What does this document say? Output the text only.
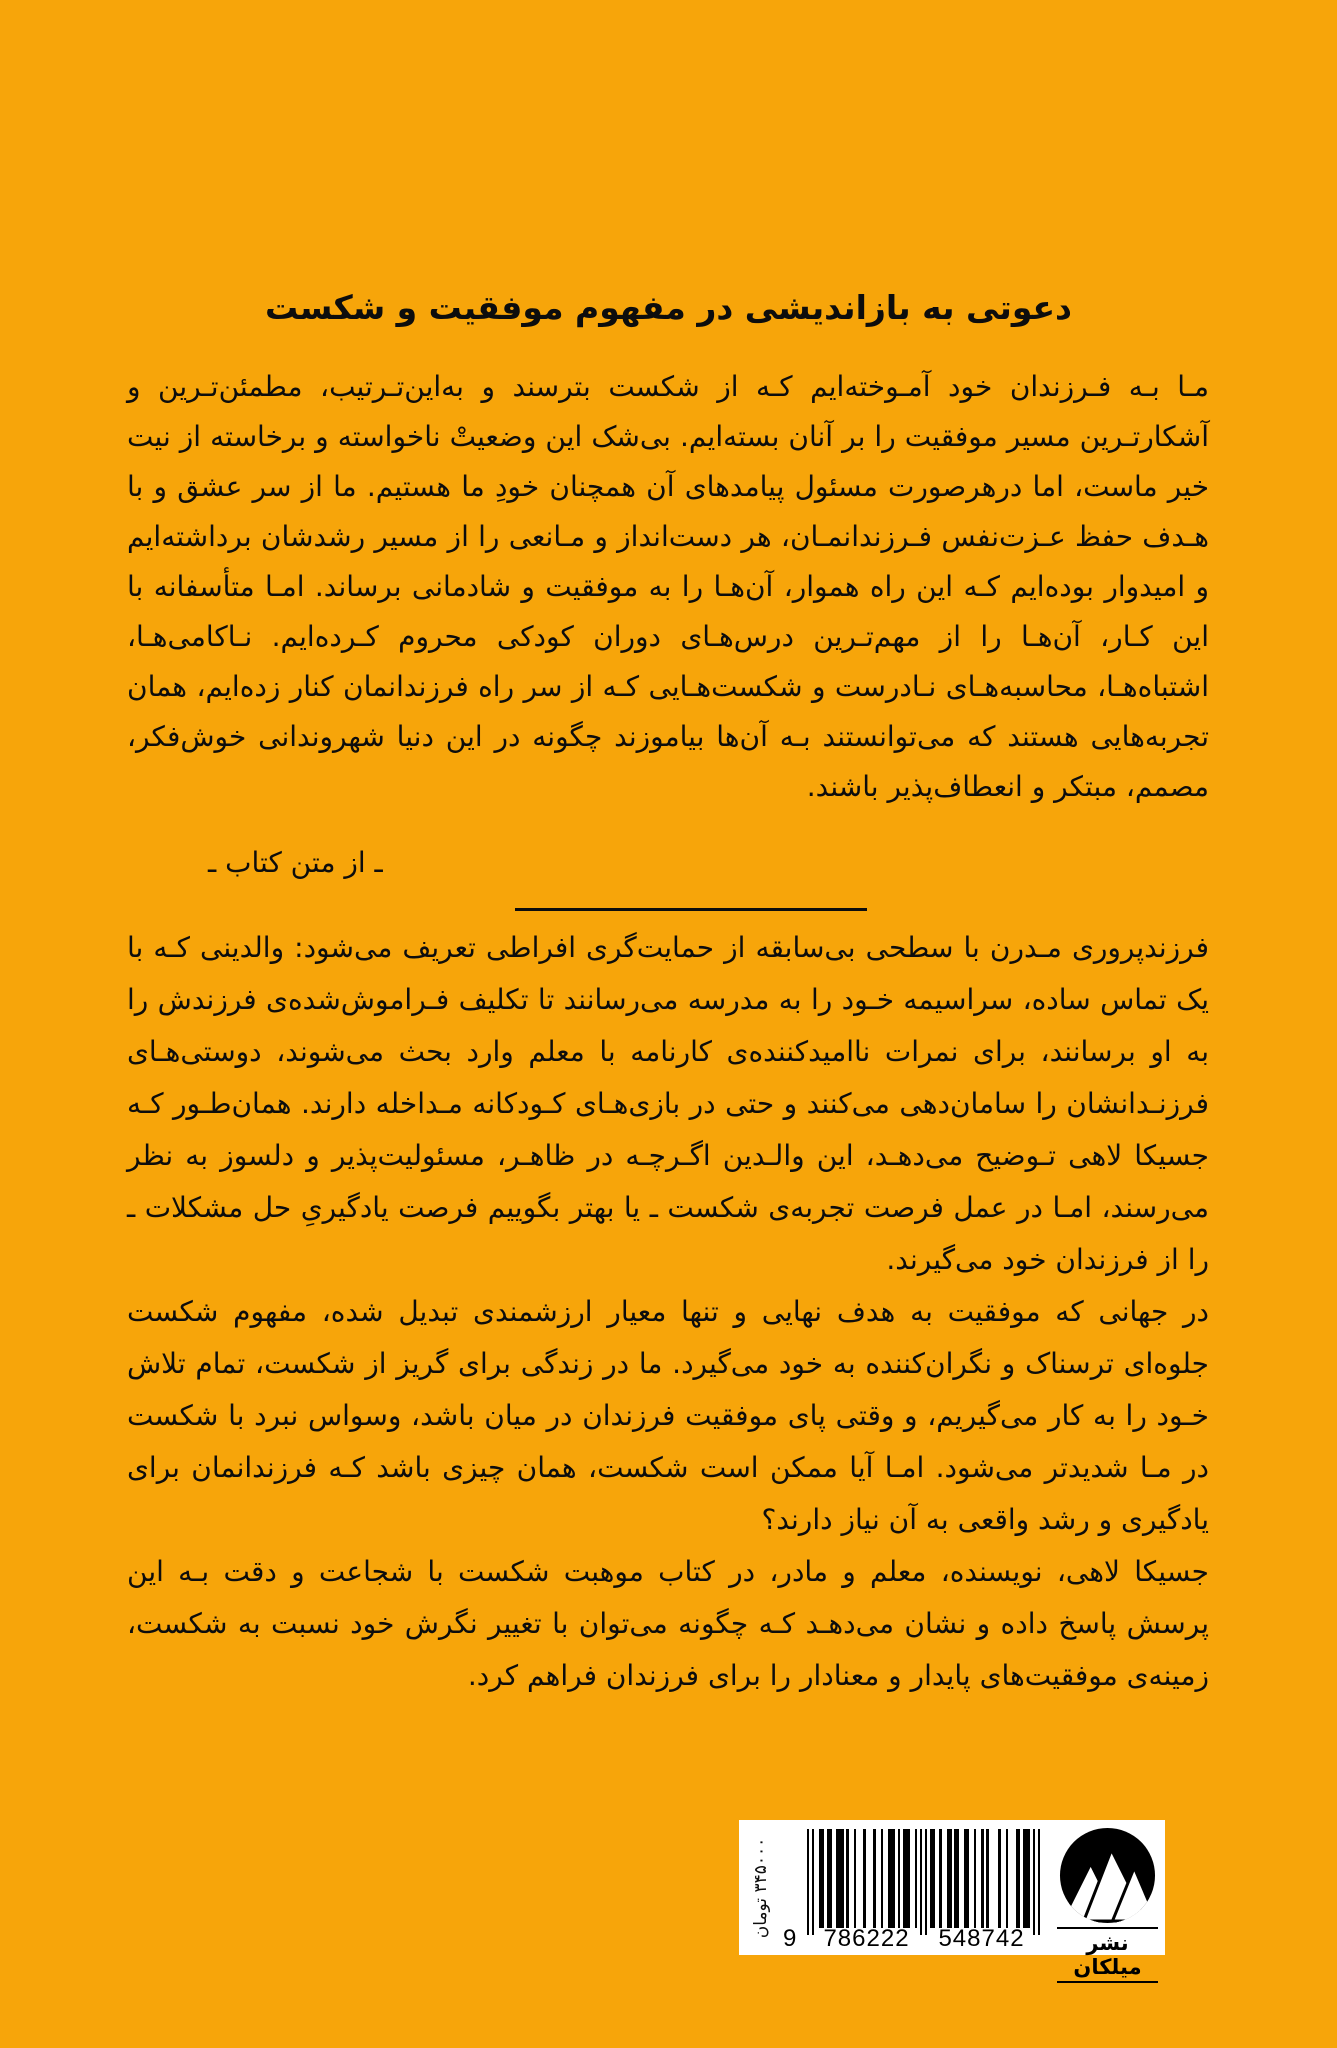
دعوتی به بازاندیشی در مفهوم موفقیت و شکست

مـا بـه فـرزندان خود آمـوخته‌ایم کـه از شکست بترسند و به‌این‌تـرتیب، مطمئن‌تـرین و آشکارتـرین مسیر موفقیت را بر آنان بسته‌ایم. بی‌شک این وضعیتْ ناخواسته و برخاسته از نیت خیر ماست، اما درهرصورت مسئول پیامدهای آن همچنان خودِ ما هستیم. ما از سر عشق و با هـدف حفظ عـزت‌نفس فـرزندانمـان، هر دست‌انداز و مـانعی را از مسیر رشدشان برداشته‌ایم و امیدوار بوده‌ایم کـه این راه هموار، آن‌هـا را به موفقیت و شادمانی برساند. امـا متأسفانه با این کـار، آن‌هـا را از مهم‌تـرین درس‌هـای دوران کودکی محروم کـرده‌ایم. نـاکامی‌هـا، اشتباه‌هـا، محاسبه‌هـای نـادرست و شکست‌هـایی کـه از سر راه فرزندانمان کنار زده‌ایم، همان تجربه‌هایی هستند که می‌توانستند بـه آن‌ها بیاموزند چگونه در این دنیا شهروندانی خوش‌فکر، مصمم، مبتکر و انعطاف‌پذیر باشند.

ـ از متن کتاب ـ

فرزندپروری مـدرن با سطحی بی‌سابقه از حمایت‌گری افراطی تعریف می‌شود: والدینی کـه با یک تماس ساده، سراسیمه خـود را به مدرسه می‌رسانند تا تکلیف فـراموش‌شده‌ی فرزندش را به او برسانند، برای نمرات ناامیدکننده‌ی کارنامه با معلم وارد بحث می‌شوند، دوستی‌هـای فرزنـدانشان را سامان‌دهی می‌کنند و حتی در بازی‌هـای کـودکانه مـداخله دارند. همان‌طـور کـه جسیکا لاهی تـوضیح می‌دهـد، این والـدین اگـرچـه در ظاهـر، مسئولیت‌پذیر و دلسوز به نظر می‌رسند، امـا در عمل فرصت تجربه‌ی شکست ـ یا بهتر بگوییم فرصت یادگیریِ حل مشکلات ـ را از فرزندان خود می‌گیرند.

در جهانی که موفقیت به هدف نهایی و تنها معیار ارزشمندی تبدیل شده، مفهوم شکست جلوه‌ای ترسناک و نگران‌کننده به خود می‌گیرد. ما در زندگی برای گریز از شکست، تمام تلاش خـود را به کار می‌گیریم، و وقتی پای موفقیت فرزندان در میان باشد، وسواس نبرد با شکست در مـا شدیدتر می‌شود. امـا آیا ممکن است شکست، همان چیزی باشد کـه فرزندانمان برای یادگیری و رشد واقعی به آن نیاز دارند؟

جسیکا لاهی، نویسنده، معلم و مادر، در کتاب موهبت شکست با شجاعت و دقت بـه این پرسش پاسخ داده و نشان می‌دهـد کـه چگونه می‌توان با تغییر نگرش خود نسبت به شکست، زمینه‌ی موفقیت‌های پایدار و معنادار را برای فرزندان فراهم کرد.

۳۴۵۰۰۰ تومان
9	786222	548742	نشر میلکان
